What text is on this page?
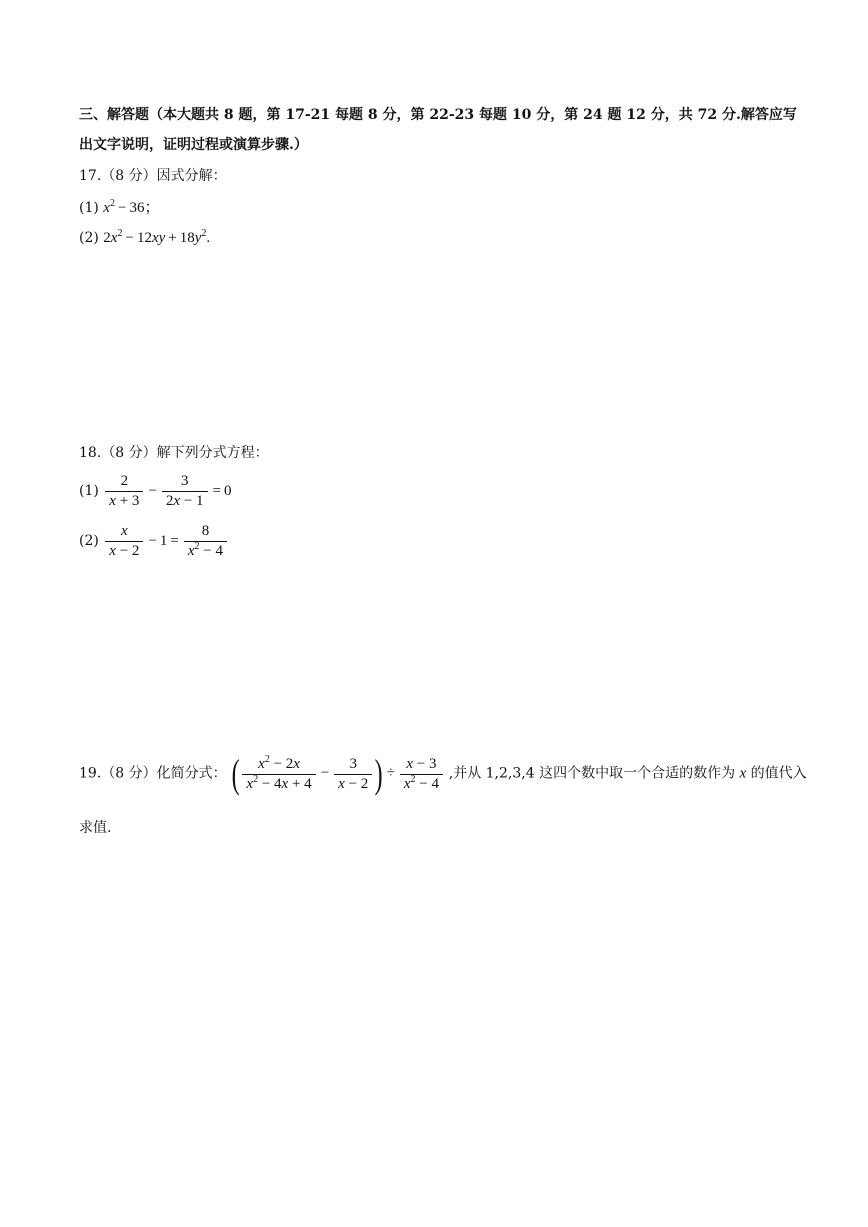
三、解答题（本大题共 8 题，第 17-21 每题 8 分，第 22-23 每题 10 分，第 24 题 12 分，共 72 分.解答应写
出文字说明，证明过程或演算步骤.）
17.（8 分）因式分解：
(1) $x^2 - 36$；
(2) $2x^2 - 12xy + 18y^2$.
18.（8 分）解下列分式方程：
$(1) \frac{2}{x + 3} - \frac{3}{2x - 1} = 0$
$(2) \frac{x}{x - 2} - 1 = \frac{8}{x^2 - 4}$
19.（8 分）化简分式： ( $\frac{x^2 - 2x}{x^2 - 4x + 4} - \frac{3}{x - 2}$ ) ÷ $\frac{x - 3}{x^2 - 4}$ ,并从 1,2,3,4 这四个数中取一个合适的数作为 x 的值代入
求值.
